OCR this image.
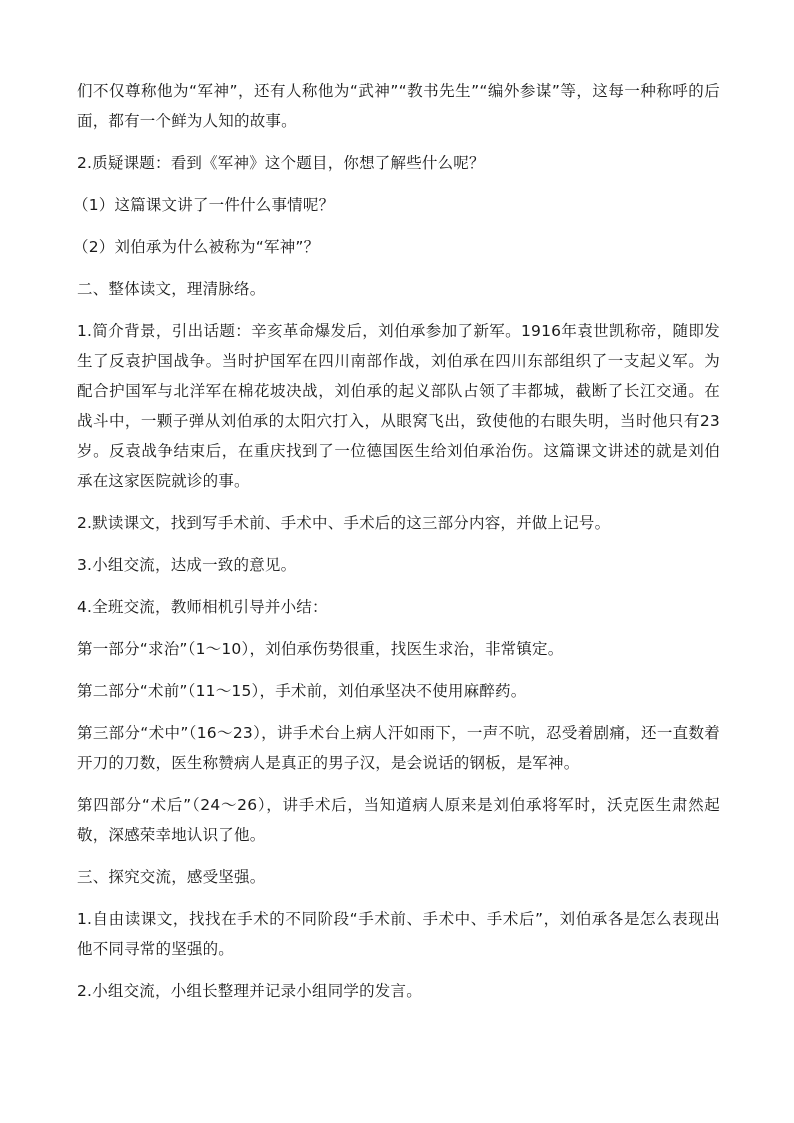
们不仅尊称他为“军神”，还有人称他为“武神”“教书先生”“编外参谋”等，这每一种称呼的后面，都有一个鲜为人知的故事。

2.质疑课题：看到《军神》这个题目，你想了解些什么呢？

（1）这篇课文讲了一件什么事情呢？

（2）刘伯承为什么被称为“军神”？

二、整体读文，理清脉络。

1.简介背景，引出话题：辛亥革命爆发后，刘伯承参加了新军。1916年袁世凯称帝，随即发生了反袁护国战争。当时护国军在四川南部作战，刘伯承在四川东部组织了一支起义军。为配合护国军与北洋军在棉花坡决战，刘伯承的起义部队占领了丰都城，截断了长江交通。在战斗中，一颗子弹从刘伯承的太阳穴打入，从眼窝飞出，致使他的右眼失明，当时他只有23岁。反袁战争结束后，在重庆找到了一位德国医生给刘伯承治伤。这篇课文讲述的就是刘伯承在这家医院就诊的事。

2.默读课文，找到写手术前、手术中、手术后的这三部分内容，并做上记号。

3.小组交流，达成一致的意见。

4.全班交流，教师相机引导并小结：

第一部分“求治”（1～10），刘伯承伤势很重，找医生求治，非常镇定。

第二部分“术前”（11～15），手术前，刘伯承坚决不使用麻醉药。

第三部分“术中”（16～23），讲手术台上病人汗如雨下，一声不吭，忍受着剧痛，还一直数着开刀的刀数，医生称赞病人是真正的男子汉，是会说话的钢板，是军神。

第四部分“术后”（24～26），讲手术后，当知道病人原来是刘伯承将军时，沃克医生肃然起敬，深感荣幸地认识了他。

三、探究交流，感受坚强。

1.自由读课文，找找在手术的不同阶段“手术前、手术中、手术后”，刘伯承各是怎么表现出他不同寻常的坚强的。

2.小组交流，小组长整理并记录小组同学的发言。
